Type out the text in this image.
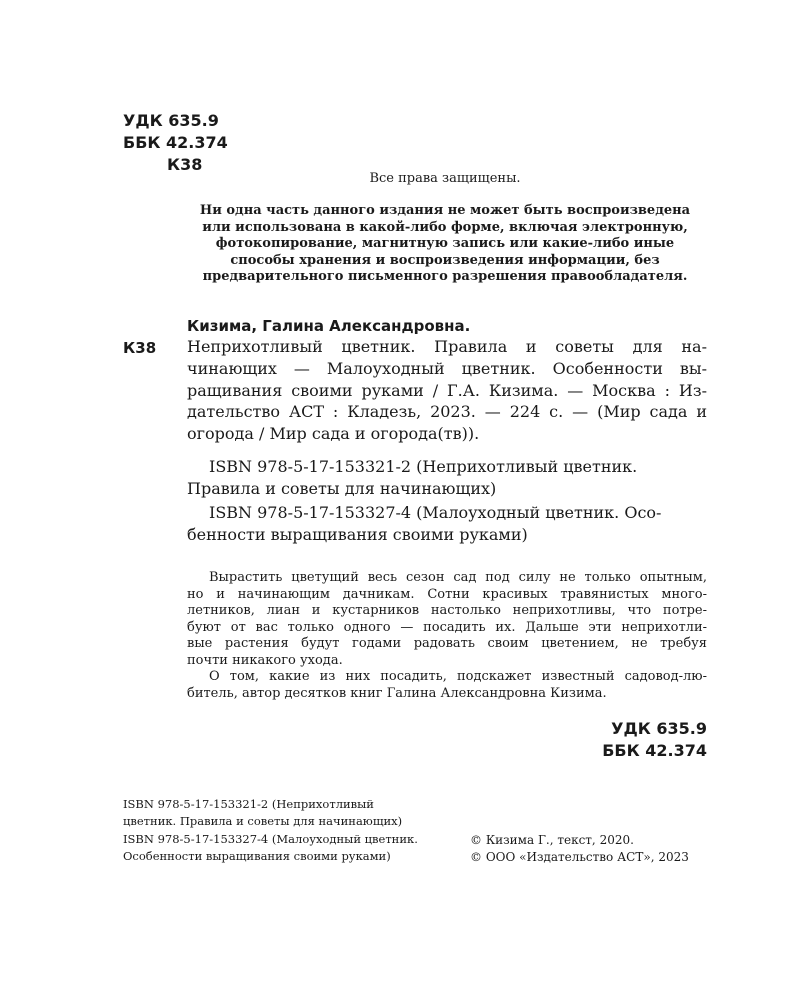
УДК 635.9
ББК 42.374
К38
Все права защищены.
Ни одна часть данного издания не может быть воспроизведена
или использована в какой-либо форме, включая электронную,
фотокопирование, магнитную запись или какие-либо иные
способы хранения и воспроизведения информации, без
предварительного письменного разрешения правообладателя.
Кизима, Галина Александровна.
К38 Неприхотливый цветник. Правила и советы для на-
чинающих — Малоуходный цветник. Особенности вы-
ращивания своими руками / Г.А. Кизима. — Москва : Из-
дательство АСТ : Кладезь, 2023. — 224 с. — (Мир сада и
огорода / Мир сада и огорода(тв)).
ISBN 978-5-17-153321-2 (Неприхотливый цветник.
Правила и советы для начинающих)
ISBN 978-5-17-153327-4 (Малоуходный цветник. Осо-
бенности выращивания своими руками)
Вырастить цветущий весь сезон сад под силу не только опытным,
но и начинающим дачникам. Сотни красивых травянистых много-
летников, лиан и кустарников настолько неприхотливы, что потре-
буют от вас только одного — посадить их. Дальше эти неприхотли-
вые растения будут годами радовать своим цветением, не требуя
почти никакого ухода.
О том, какие из них посадить, подскажет известный садовод-лю-
битель, автор десятков книг Галина Александровна Кизима.
УДК 635.9
ББК 42.374
ISBN 978-5-17-153321-2 (Неприхотливый
цветник. Правила и советы для начинающих)
ISBN 978-5-17-153327-4 (Малоуходный цветник.
Особенности выращивания своими руками)
© Кизима Г., текст, 2020.
© ООО «Издательство АСТ», 2023
